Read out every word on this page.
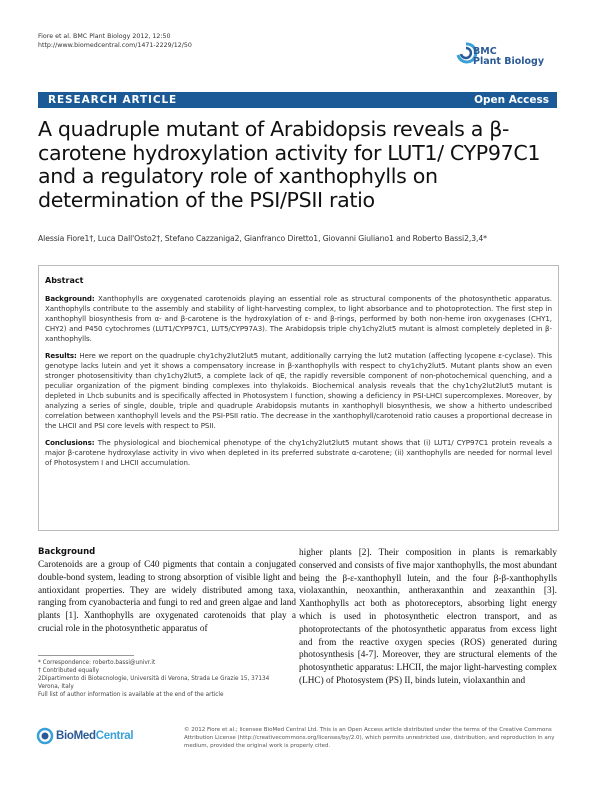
Fiore et al. BMC Plant Biology 2012, 12:50
http://www.biomedcentral.com/1471-2229/12/50
BMC
Plant Biology
RESEARCH ARTICLE	Open Access
A quadruple mutant of Arabidopsis reveals a β-carotene hydroxylation activity for LUT1/ CYP97C1 and a regulatory role of xanthophylls on determination of the PSI/PSII ratio
Alessia Fiore1†, Luca Dall'Osto2†, Stefano Cazzaniga2, Gianfranco Diretto1, Giovanni Giuliano1 and Roberto Bassi2,3,4*
Abstract

Background: Xanthophylls are oxygenated carotenoids playing an essential role as structural components of the photosynthetic apparatus. Xanthophylls contribute to the assembly and stability of light-harvesting complex, to light absorbance and to photoprotection. The first step in xanthophyll biosynthesis from α- and β-carotene is the hydroxylation of ε- and β-rings, performed by both non-heme iron oxygenases (CHY1, CHY2) and P450 cytochromes (LUT1/CYP97C1, LUT5/CYP97A3). The Arabidopsis triple chy1chy2lut5 mutant is almost completely depleted in β-xanthophylls.

Results: Here we report on the quadruple chy1chy2lut2lut5 mutant, additionally carrying the lut2 mutation (affecting lycopene ε-cyclase). This genotype lacks lutein and yet it shows a compensatory increase in β-xanthophylls with respect to chy1chy2lut5. Mutant plants show an even stronger photosensitivity than chy1chy2lut5, a complete lack of qE, the rapidly reversible component of non-photochemical quenching, and a peculiar organization of the pigment binding complexes into thylakoids. Biochemical analysis reveals that the chy1chy2lut2lut5 mutant is depleted in Lhcb subunits and is specifically affected in Photosystem I function, showing a deficiency in PSI-LHCI supercomplexes. Moreover, by analyzing a series of single, double, triple and quadruple Arabidopsis mutants in xanthophyll biosynthesis, we show a hitherto undescribed correlation between xanthophyll levels and the PSI-PSII ratio. The decrease in the xanthophyll/carotenoid ratio causes a proportional decrease in the LHCII and PSI core levels with respect to PSII.

Conclusions: The physiological and biochemical phenotype of the chy1chy2lut2lut5 mutant shows that (i) LUT1/ CYP97C1 protein reveals a major β-carotene hydroxylase activity in vivo when depleted in its preferred substrate α-carotene; (ii) xanthophylls are needed for normal level of Photosystem I and LHCII accumulation.

Background

Carotenoids are a group of C40 pigments that contain a conjugated double-bond system, leading to strong absorption of visible light and antioxidant properties. They are widely distributed among taxa, ranging from cyanobacteria and fungi to red and green algae and land plants [1]. Xanthophylls are oxygenated carotenoids that play a crucial role in the photosynthetic apparatus of

higher plants [2]. Their composition in plants is remarkably conserved and consists of five major xanthophylls, the most abundant being the β-ε-xanthophyll lutein, and the four β-β-xanthophylls violaxanthin, neoxanthin, antheraxanthin and zeaxanthin [3]. Xanthophylls act both as photoreceptors, absorbing light energy which is used in photosynthetic electron transport, and as photoprotectants of the photosynthetic apparatus from excess light and from the reactive oxygen species (ROS) generated during photosynthesis [4-7]. Moreover, they are structural elements of the photosynthetic apparatus: LHCII, the major light-harvesting complex (LHC) of Photosystem (PS) II, binds lutein, violaxanthin and

* Correspondence: roberto.bassi@univr.it
† Contributed equally
2Dipartimento di Biotecnologie, Università di Verona, Strada Le Grazie 15, 37134 Verona, Italy
Full list of author information is available at the end of the article
BioMedCentral	© 2012 Fiore et al.; licensee BioMed Central Ltd. This is an Open Access article distributed under the terms of the Creative Commons Attribution License (http://creativecommons.org/licenses/by/2.0), which permits unrestricted use, distribution, and reproduction in any medium, provided the original work is properly cited.
